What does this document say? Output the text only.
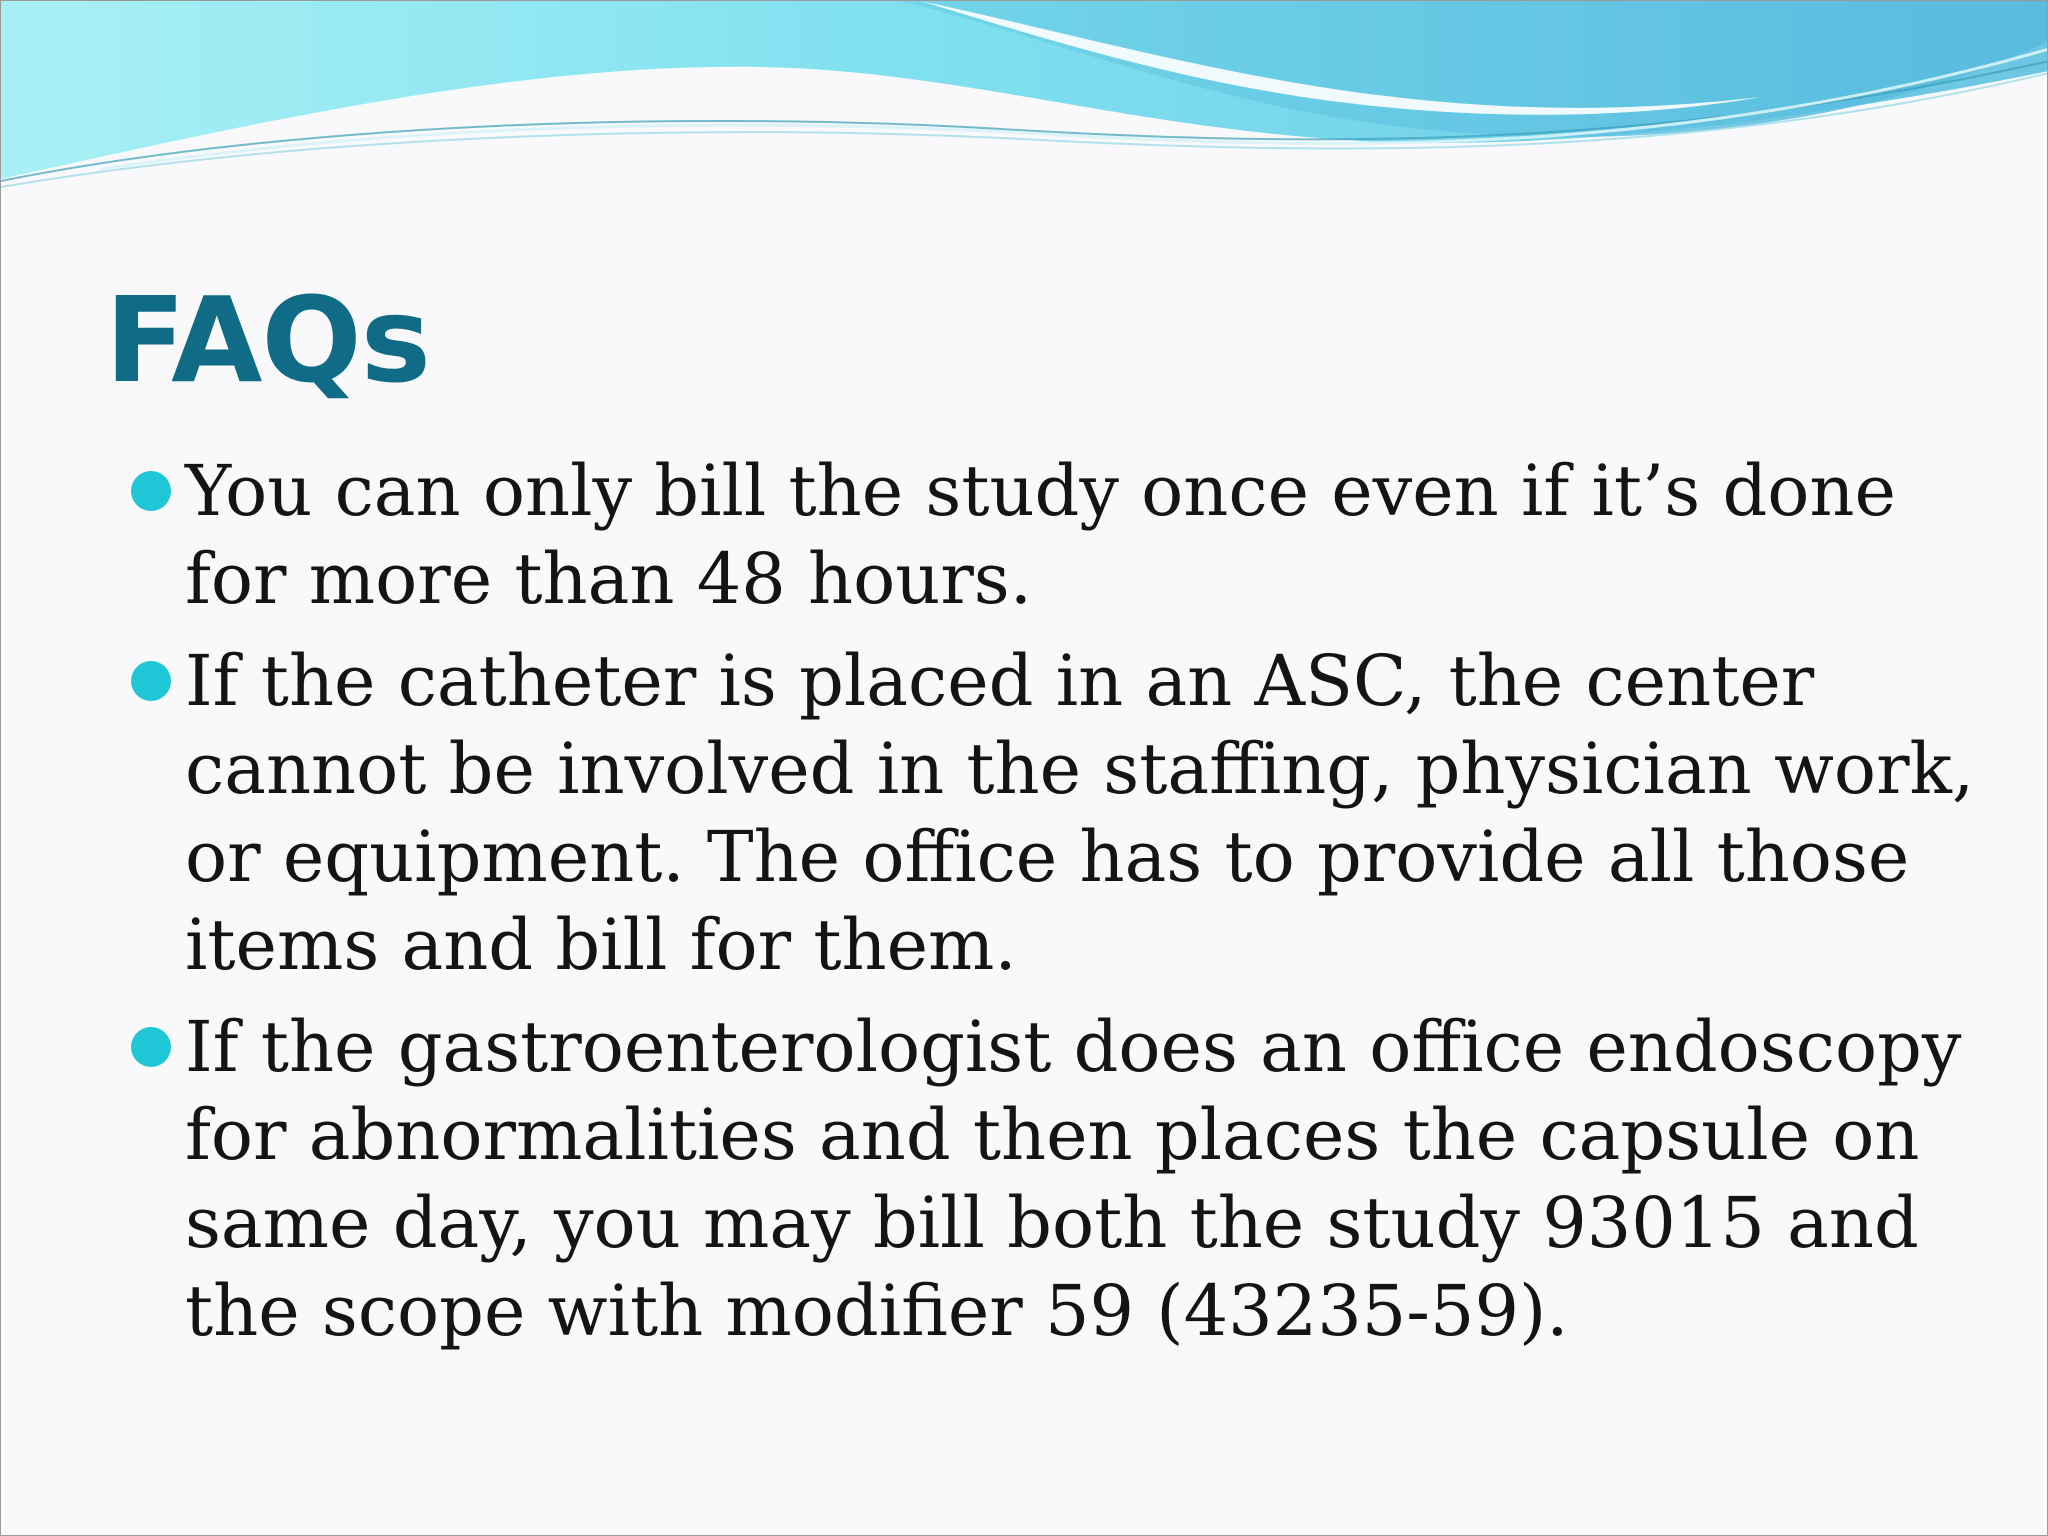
FAQs
You can only bill the study once even if it’s done for more than 48 hours.
If the catheter is placed in an ASC, the center cannot be involved in the staffing, physician work, or equipment. The office has to provide all those items and bill for them.
If the gastroenterologist does an office endoscopy for abnormalities and then places the capsule on same day, you may bill both the study 93015 and the scope with modifier 59 (43235-59).
